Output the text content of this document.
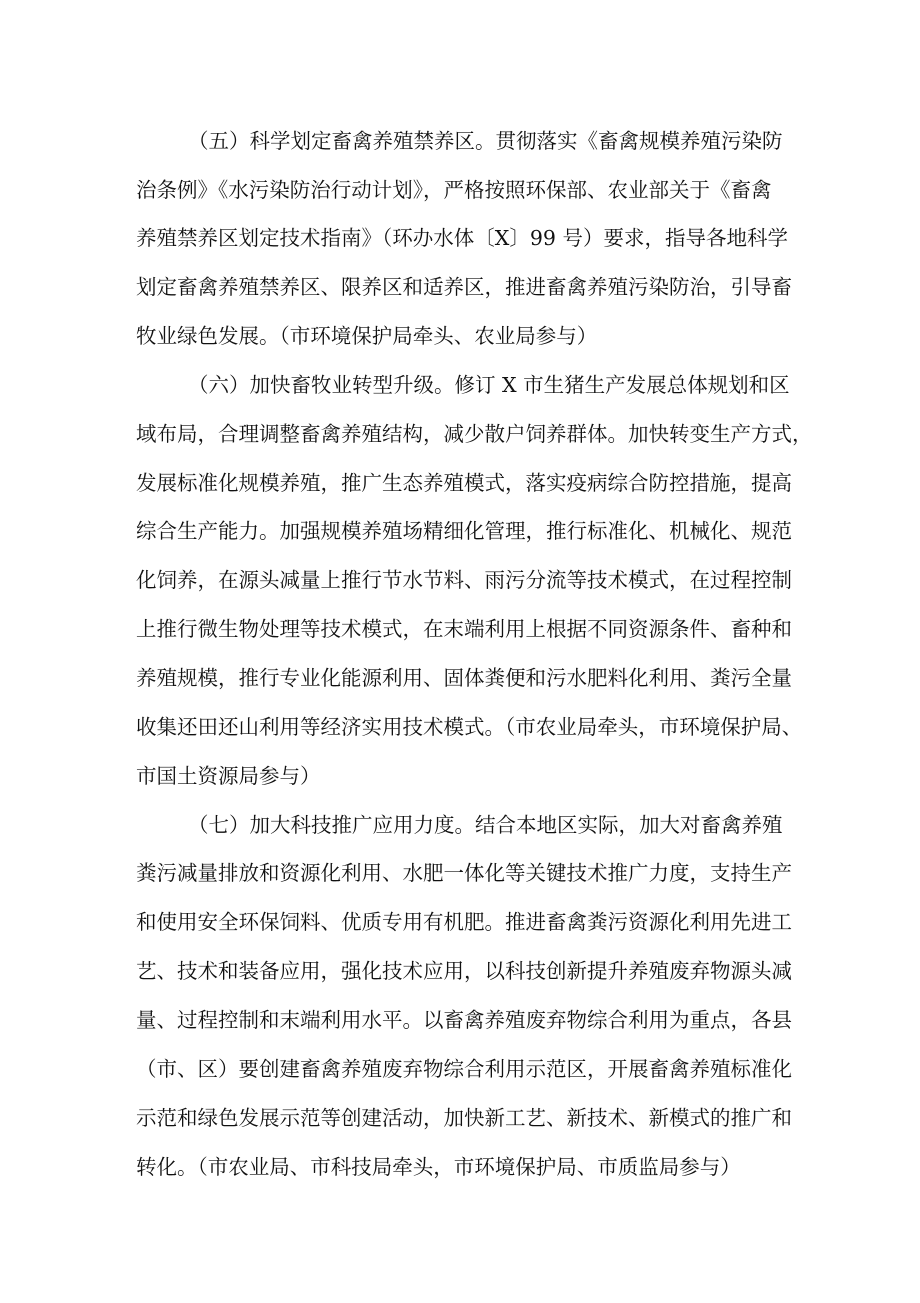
（五）科学划定畜禽养殖禁养区。贯彻落实《畜禽规模养殖污染防
治条例》《水污染防治行动计划》，严格按照环保部、农业部关于《畜禽
养殖禁养区划定技术指南》（环办水体〔X〕99 号）要求，指导各地科学
划定畜禽养殖禁养区、限养区和适养区，推进畜禽养殖污染防治，引导畜
牧业绿色发展。（市环境保护局牵头、农业局参与）
（六）加快畜牧业转型升级。修订 X 市生猪生产发展总体规划和区
域布局，合理调整畜禽养殖结构，减少散户饲养群体。加快转变生产方式，
发展标准化规模养殖，推广生态养殖模式，落实疫病综合防控措施，提高
综合生产能力。加强规模养殖场精细化管理，推行标准化、机械化、规范
化饲养，在源头减量上推行节水节料、雨污分流等技术模式，在过程控制
上推行微生物处理等技术模式，在末端利用上根据不同资源条件、畜种和
养殖规模，推行专业化能源利用、固体粪便和污水肥料化利用、粪污全量
收集还田还山利用等经济实用技术模式。（市农业局牵头，市环境保护局、
市国土资源局参与）
（七）加大科技推广应用力度。结合本地区实际，加大对畜禽养殖
粪污减量排放和资源化利用、水肥一体化等关键技术推广力度，支持生产
和使用安全环保饲料、优质专用有机肥。推进畜禽粪污资源化利用先进工
艺、技术和装备应用，强化技术应用，以科技创新提升养殖废弃物源头减
量、过程控制和末端利用水平。以畜禽养殖废弃物综合利用为重点，各县
（市、区）要创建畜禽养殖废弃物综合利用示范区，开展畜禽养殖标准化
示范和绿色发展示范等创建活动，加快新工艺、新技术、新模式的推广和
转化。（市农业局、市科技局牵头，市环境保护局、市质监局参与）
